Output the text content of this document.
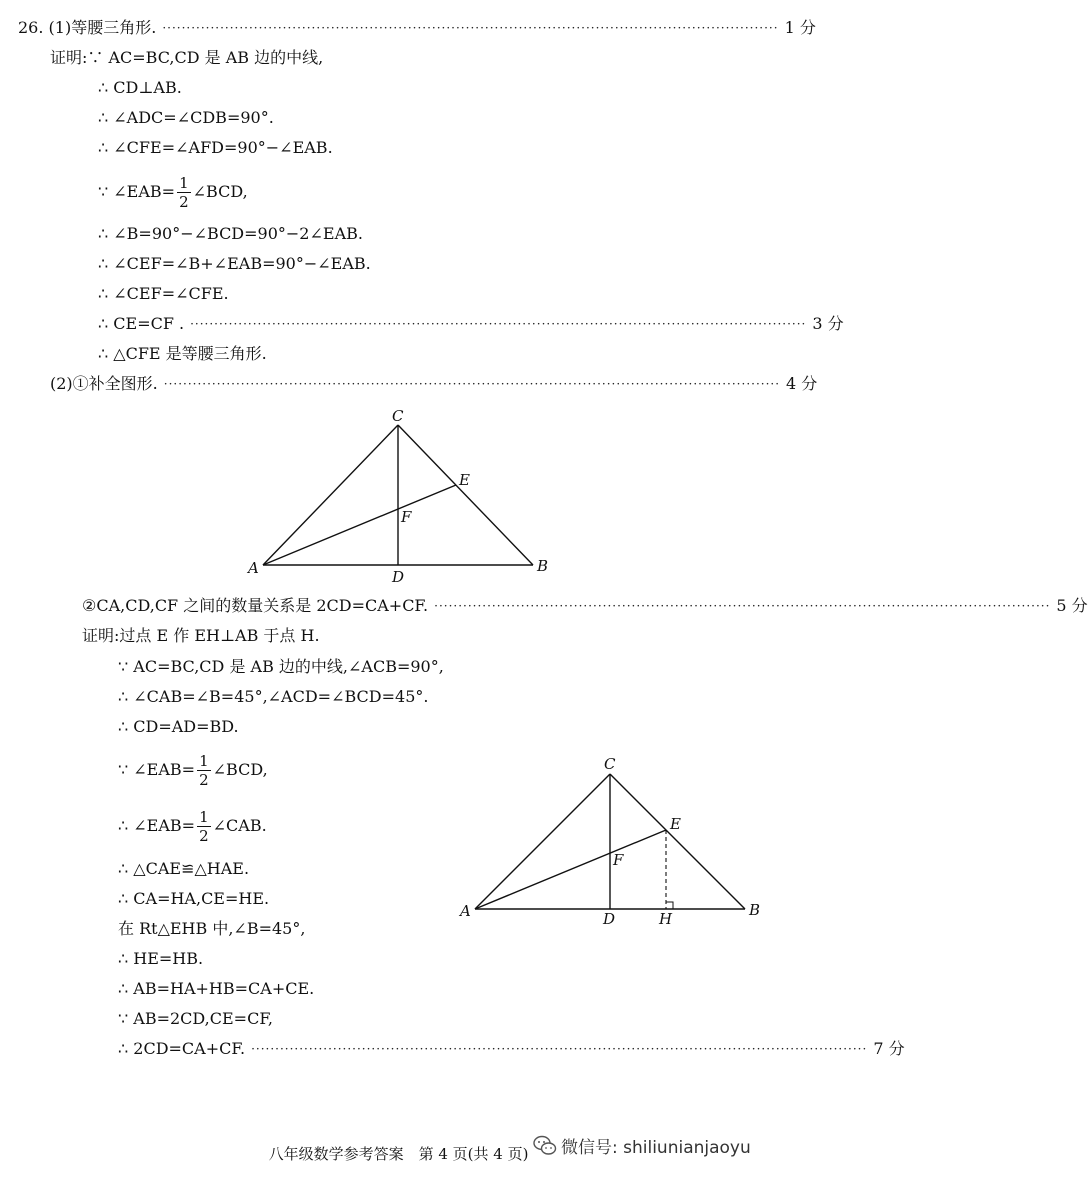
26. (1)等腰三角形. ································································································································ 1 分
证明:∵ AC=BC,CD 是 AB 边的中线,
∴ CD⊥AB.
∴ ∠ADC=∠CDB=90°.
∴ ∠CFE=∠AFD=90°−∠EAB.
∵ ∠EAB= $\frac{1}{2}$ ∠BCD,
∴ ∠B=90°−∠BCD=90°−2∠EAB.
∴ ∠CEF=∠B+∠EAB=90°−∠EAB.
∴ ∠CEF=∠CFE.
∴ CE=CF . ································································································································ 3 分
∴ △CFE 是等腰三角形.
(2)①补全图形. ································································································································ 4 分
C
E
F
A	D
B
②CA,CD,CF 之间的数量关系是 2CD=CA+CF. ································································································································ 5 分
证明:过点 E 作 EH⊥AB 于点 H.
∵ AC=BC,CD 是 AB 边的中线,∠ACB=90°,
∴ ∠CAB=∠B=45°,∠ACD=∠BCD=45°.
∴ CD=AD=BD.
∵ ∠EAB= $\frac{1}{2}$ ∠BCD,
∴ ∠EAB= $\frac{1}{2}$ ∠CAB.
∴ △CAE≌△HAE.
∴ CA=HA,CE=HE.
在 Rt△EHB 中,∠B=45°,
∴ HE=HB.
∴ AB=HA+HB=CA+CE.
∵ AB=2CD,CE=CF,
∴ 2CD=CA+CF. ································································································································ 7 分
C
E
F
A	D	H	B
八年级数学参考答案　第 4 页(共 4 页)	微信号: shiliunianjaoyu
